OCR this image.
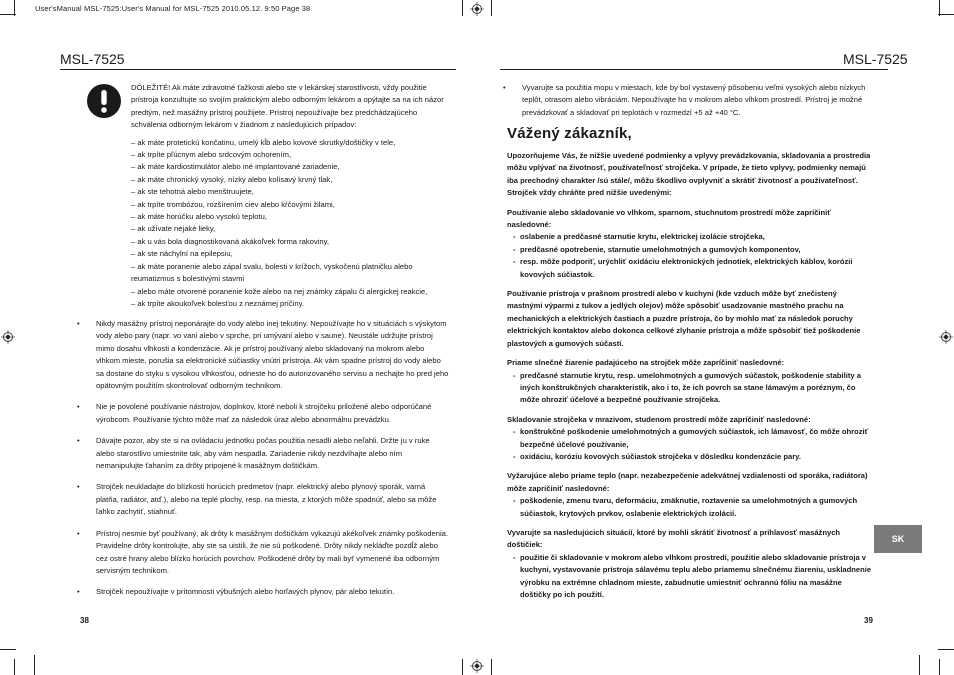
User'sManual MSL-7525:User's Manual for MSL-7525 2010.05.12. 9:50 Page 38
MSL-7525
DÔLEŽITÉ! Ak máte zdravotné ťažkosti alebo ste v lekárskej starostlivosti, vždy použitie prístroja konzultujte so svojím praktickým alebo odborným lekárom a opýtajte sa na ich názor predtým, než masážny prístroj použijete. Prístroj nepoužívajte bez predchádzajúceho schválenia odborným lekárom v žiadnom z nasledujúcich prípadov:
– ak máte protetickú končatinu, umelý kĺb alebo kovové skrutky/doštičky v tele,
– ak trpíte pľúcnym alebo srdcovým ochorením,
– ak máte kardiostimulátor alebo iné implantované zariadenie,
– ak máte chronický vysoký, nízky alebo kolísavý krvný tlak,
– ak ste tehotná alebo menštruujete,
– ak trpíte trombózou, rozšírením ciev alebo kŕčovými žilami,
– ak máte horúčku alebo vysokú teplotu,
– ak užívate nejaké lieky,
– ak u vás bola diagnostikovaná akákoľvek forma rakoviny,
– ak ste náchylní na epilepsiu,
– ak máte poranenie alebo zápal svalu, bolesti v krížoch, vyskočenú platničku alebo reumatizmus s bolestivými stavmi
– alebo máte otvorené poranenie kože alebo na nej známky zápalu či alergickej reakcie,
– ak trpíte akoukoľvek bolesťou z neznámej príčiny.
• Nikdy masážny prístroj neponárajte do vody alebo inej tekutiny. Nepoužívajte ho v situáciách s výskytom vody alebo pary (napr. vo vani alebo v sprche, pri umývaní alebo v saune). Neustále udržujte prístroj mimo dosahu vlhkosti a kondenzácie. Ak je prístroj používaný alebo skladovaný na mokrom alebo vlhkom mieste, porušia sa elektronické súčiastky vnútri prístroja. Ak vám spadne prístroj do vody alebo sa dostane do styku s vysokou vlhkosťou, odneste ho do autorizovaného servisu a nechajte ho pred jeho opätovným použitím skontrolovať odborným technikom.
• Nie je povolené používanie nástrojov, doplnkov, ktoré neboli k strojčeku priložené alebo odporúčané výrobcom. Používanie týchto môže mať za následok úraz alebo abnormálnu prevádzku.
• Dávajte pozor, aby ste si na ovládaciu jednotku počas použitia nesadli alebo neľahli. Držte ju v ruke alebo starostlivo umiestnite tak, aby vám nespadla. Zariadenie nikdy nezdvíhajte alebo ním nemanipulujte ťahaním za drôty pripojené k masážnym doštičkám.
• Strojček neukladajte do blízkosti horúcich predmetov (napr. elektrický alebo plynový sporák, varná platňa, radiátor, atď.), alebo na teplé plochy, resp. na miesta, z ktorých môže spadnúť, alebo sa môže ľahko zachytiť, stiahnuť.
• Prístroj nesmie byť používaný, ak drôty k masážnym doštičkám vykazujú akékoľvek známky poškodenia. Pravidelne drôty kontrolujte, aby ste sa uistili, že nie sú poškodené. Drôty nikdy nekláďte pozdĺž alebo cez ostré hrany alebo blízko horúcich povrchov. Poškodené drôty by mali byť vymenené iba odborným servisným technikom.
• Strojček nepoužívajte v prítomnosti výbušných alebo horľavých plynov, pár alebo tekutín.
38
MSL-7525
• Vyvarujte sa použitia mopu v miestach, kde by bol vystavený pôsobeniu veľmi vysokých alebo nízkych teplôt, otrasom alebo vibráciám. Nepoužívajte ho v mokrom alebo vlhkom prostredí. Prístroj je možné prevádzkovať a skladovať pri teplotách v rozmedzí +5 až +40 °C.
Vážený zákazník,
Upozorňujeme Vás, že nižšie uvedené podmienky a vplyvy prevádzkovania, skladovania a prostredia môžu vplývať na životnosť, používateľnosť strojčeka. V prípade, že tieto vplyvy, podmienky nemajú iba prechodný charakter /sú stále/, môžu škodlivo ovplyvniť a skrátiť životnosť a používateľnosť. Strojček vždy chráňte pred nižšie uvedenými:
Používanie alebo skladovanie vo vlhkom, sparnom, stuchnutom prostredí môže zapríčiniť nasledovné:
- oslabenie a predčasné starnutie krytu, elektrickej izolácie strojčeka,
- predčasné opotrebenie, starnutie umelohmotných a gumových komponentov,
- resp. môže podporiť, urýchliť oxidáciu elektronických jednotiek, elektrických káblov, korózii kovových súčiastok.
Používanie prístroja v prašnom prostredí alebo v kuchyni (kde vzduch môže byť znečistený mastnými výparmi z tukov a jedlých olejov) môže spôsobiť usadzovanie mastného prachu na mechanických a elektrických častiach a puzdre prístroja, čo by mohlo mať za následok poruchy elektrických kontaktov alebo dokonca celkové zlyhanie prístroja a môže spôsobiť tiež poškodenie plastových a gumových súčastí.
Priame slnečné žiarenie padajúceho na strojček môže zapríčiniť nasledovné:
- predčasné starnutie krytu, resp. umelohmotných a gumových súčastok, poškodenie stability a iných konštrukčných charakteristík, ako i to, že ich povrch sa stane lámavým a poréznym, čo môže ohroziť účelové a bezpečné používanie strojčeka.
Skladovanie strojčeka v mrazivom, studenom prostredí môže zapríčiniť nasledovné:
- konštrukčné poškodenie umelohmotných a gumových súčiastok, ich lámavosť, čo môže ohroziť bezpečné účelové používanie,
- oxidáciu, koróziu kovových súčiastok strojčeka v dôsledku kondenzácie pary.
Vyžarujúce alebo priame teplo (napr. nezabezpečenie adekvátnej vzdialenosti od sporáka, radiátora) môže zapríčiniť nasledovné:
- poškodenie, zmenu tvaru, deformáciu, zmäknutie, roztavenie sa umelohmotných a gumových súčiastok, krytových prvkov, oslabenie elektrických izolácií.
Vyvarujte sa nasledujúcich situácií, ktoré by mohli skrátiť životnosť a prihlavosť masážnych doštičiek:
- použitie či skladovanie v mokrom alebo vlhkom prostredí, použitie alebo skladovanie prístroja v kuchyni, vystavovanie prístroja sálavému teplu alebo priamemu slnečnému žiareniu, uskladnenie výrobku na extrémne chladnom mieste, zabudnutie umiestniť ochrannú fóliu na masážne doštičky po ich použití.
SK
39
